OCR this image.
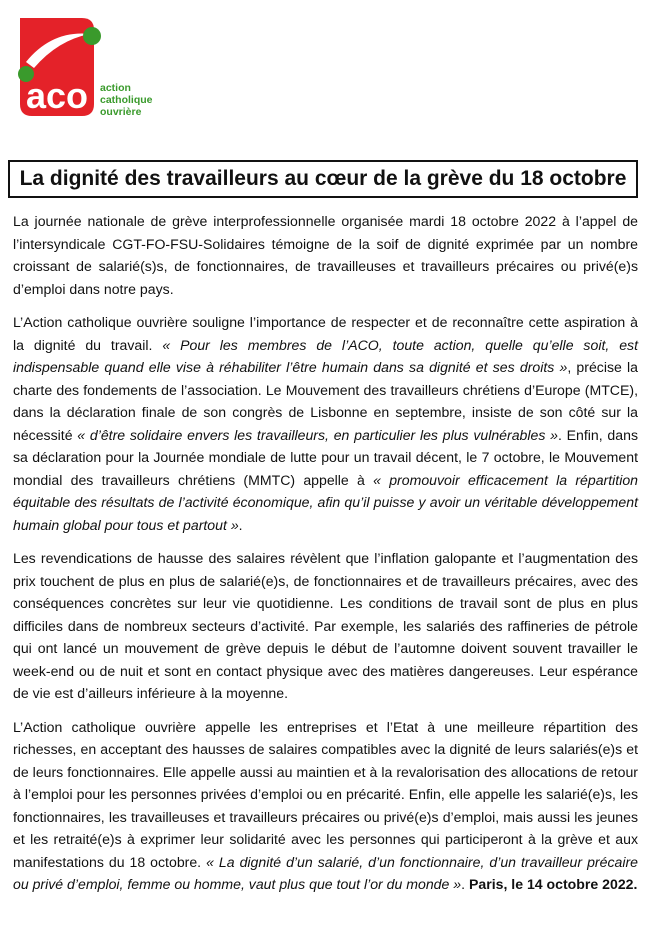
aco action
catholique
ouvrière
La dignité des travailleurs au cœur de la grève du 18 octobre

La journée nationale de grève interprofessionnelle organisée mardi 18 octobre 2022 à l’appel de l’intersyndicale CGT-FO-FSU-Solidaires témoigne de la soif de dignité exprimée par un nombre croissant de salarié(s)s, de fonctionnaires, de travailleuses et travailleurs précaires ou privé(e)s d’emploi dans notre pays.

L’Action catholique ouvrière souligne l’importance de respecter et de reconnaître cette aspiration à la dignité du travail. « Pour les membres de l’ACO, toute action, quelle qu’elle soit, est indispensable quand elle vise à réhabiliter l’être humain dans sa dignité et ses droits », précise la charte des fondements de l’association. Le Mouvement des travailleurs chrétiens d’Europe (MTCE), dans la déclaration finale de son congrès de Lisbonne en septembre, insiste de son côté sur la nécessité « d’être solidaire envers les travailleurs, en particulier les plus vulnérables ». Enfin, dans sa déclaration pour la Journée mondiale de lutte pour un travail décent, le 7 octobre, le Mouvement mondial des travailleurs chrétiens (MMTC) appelle à « promouvoir efficacement la répartition équitable des résultats de l’activité économique, afin qu’il puisse y avoir un véritable développement humain global pour tous et partout ».

Les revendications de hausse des salaires révèlent que l’inflation galopante et l’augmentation des prix touchent de plus en plus de salarié(e)s, de fonctionnaires et de travailleurs précaires, avec des conséquences concrètes sur leur vie quotidienne. Les conditions de travail sont de plus en plus difficiles dans de nombreux secteurs d’activité. Par exemple, les salariés des raffineries de pétrole qui ont lancé un mouvement de grève depuis le début de l’automne doivent souvent travailler le week-end ou de nuit et sont en contact physique avec des matières dangereuses. Leur espérance de vie est d’ailleurs inférieure à la moyenne.

L’Action catholique ouvrière appelle les entreprises et l’Etat à une meilleure répartition des richesses, en acceptant des hausses de salaires compatibles avec la dignité de leurs salariés(e)s et de leurs fonctionnaires. Elle appelle aussi au maintien et à la revalorisation des allocations de retour à l’emploi pour les personnes privées d’emploi ou en précarité. Enfin, elle appelle les salarié(e)s, les fonctionnaires, les travailleuses et travailleurs précaires ou privé(e)s d’emploi, mais aussi les jeunes et les retraité(e)s à exprimer leur solidarité avec les personnes qui participeront à la grève et aux manifestations du 18 octobre. « La dignité d’un salarié, d’un fonctionnaire, d’un travailleur précaire ou privé d’emploi, femme ou homme, vaut plus que tout l’or du monde ». Paris, le 14 octobre 2022.
